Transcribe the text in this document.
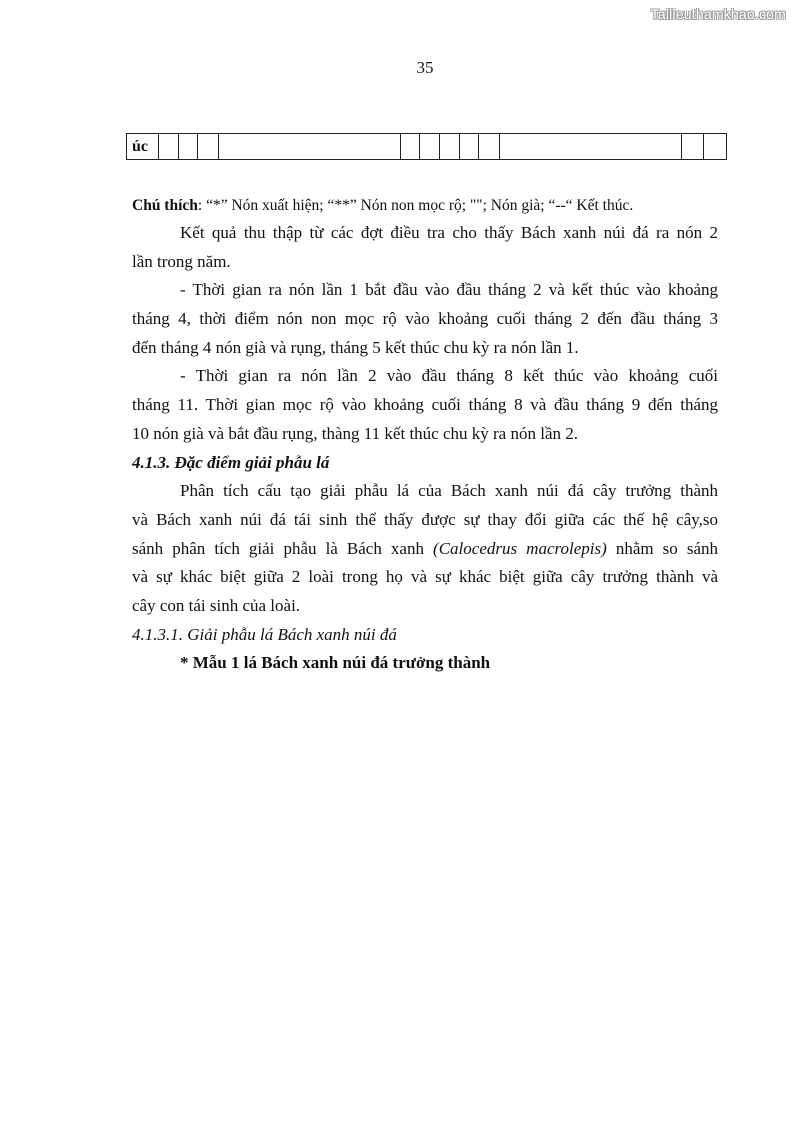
Tailieuthamkhao.com
35
úc												
Chú thích: “*” Nón xuất hiện; “**” Nón non mọc rộ; ""; Nón già; “--“ Kết thúc.
Kết quả thu thập từ các đợt điều tra cho thấy Bách xanh núi đá ra nón 2
lần trong năm.
- Thời gian ra nón lần 1 bắt đầu vào đầu tháng 2 và kết thúc vào khoảng
tháng 4, thời điểm nón non mọc rộ vào khoảng cuối tháng 2 đến đầu tháng 3
đến tháng 4 nón già và rụng, tháng 5 kết thúc chu kỳ ra nón lần 1.
- Thời gian ra nón lần 2 vào đầu tháng 8 kết thúc vào khoảng cuối
tháng 11. Thời gian mọc rộ vào khoảng cuối tháng 8 và đầu tháng 9 đến tháng
10 nón già và bắt đầu rụng, thàng 11 kết thúc chu kỳ ra nón lần 2.
4.1.3. Đặc điểm giải phẫu lá
Phân tích cấu tạo giải phẫu lá của Bách xanh núi đá cây trưởng thành
và Bách xanh núi đá tái sinh thể thấy được sự thay đổi giữa các thế hệ cây,so
sánh phân tích giải phẫu là Bách xanh (Calocedrus macrolepis) nhằm so sánh
và sự khác biệt giữa 2 loài trong họ và sự khác biệt giữa cây trưởng thành và
cây con tái sinh của loài.
4.1.3.1. Giải phẫu lá Bách xanh núi đá
* Mẫu 1 lá Bách xanh núi đá trưởng thành
